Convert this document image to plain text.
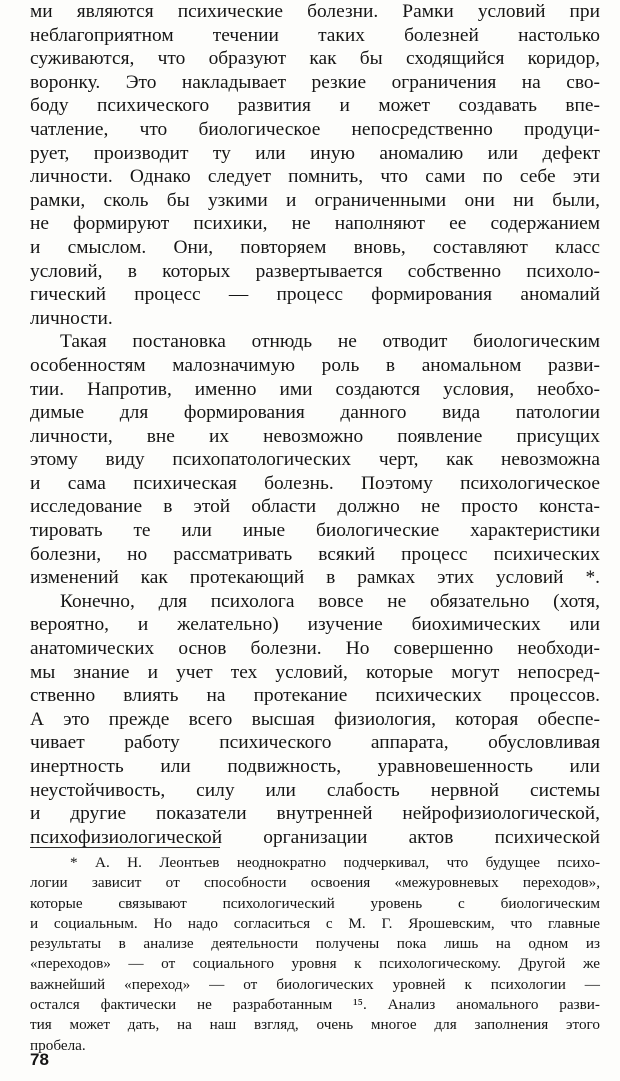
ми являются психические болезни. Рамки условий при
неблагоприятном течении таких болезней настолько
суживаются, что образуют как бы сходящийся коридор,
воронку. Это накладывает резкие ограничения на сво-
боду психического развития и может создавать впе-
чатление, что биологическое непосредственно продуци-
рует, производит ту или иную аномалию или дефект
личности. Однако следует помнить, что сами по себе эти
рамки, сколь бы узкими и ограниченными они ни были,
не формируют психики, не наполняют ее содержанием
и смыслом. Они, повторяем вновь, составляют класс
условий, в которых развертывается собственно психоло-
гический процесс — процесс формирования аномалий
личности.
Такая постановка отнюдь не отводит биологическим
особенностям малозначимую роль в аномальном разви-
тии. Напротив, именно ими создаются условия, необхо-
димые для формирования данного вида патологии
личности, вне их невозможно появление присущих
этому виду психопатологических черт, как невозможна
и сама психическая болезнь. Поэтому психологическое
исследование в этой области должно не просто конста-
тировать те или иные биологические характеристики
болезни, но рассматривать всякий процесс психических
изменений как протекающий в рамках этих условий *.
Конечно, для психолога вовсе не обязательно (хотя,
вероятно, и желательно) изучение биохимических или
анатомических основ болезни. Но совершенно необходи-
мы знание и учет тех условий, которые могут непосред-
ственно влиять на протекание психических процессов.
А это прежде всего высшая физиология, которая обеспе-
чивает работу психического аппарата, обусловливая
инертность или подвижность, уравновешенность или
неустойчивость, силу или слабость нервной системы
и другие показатели внутренней нейрофизиологической,
психофизиологической организации актов психической
* А. Н. Леонтьев неоднократно подчеркивал, что будущее психо-
логии зависит от способности освоения «межуровневых переходов»,
которые связывают психологический уровень с биологическим
и социальным. Но надо согласиться с М. Г. Ярошевским, что главные
результаты в анализе деятельности получены пока лишь на одном из
«переходов» — от социального уровня к психологическому. Другой же
важнейший «переход» — от биологических уровней к психологии —
остался фактически не разработанным ¹⁵. Анализ аномального разви-
тия может дать, на наш взгляд, очень многое для заполнения этого
пробела.
78
